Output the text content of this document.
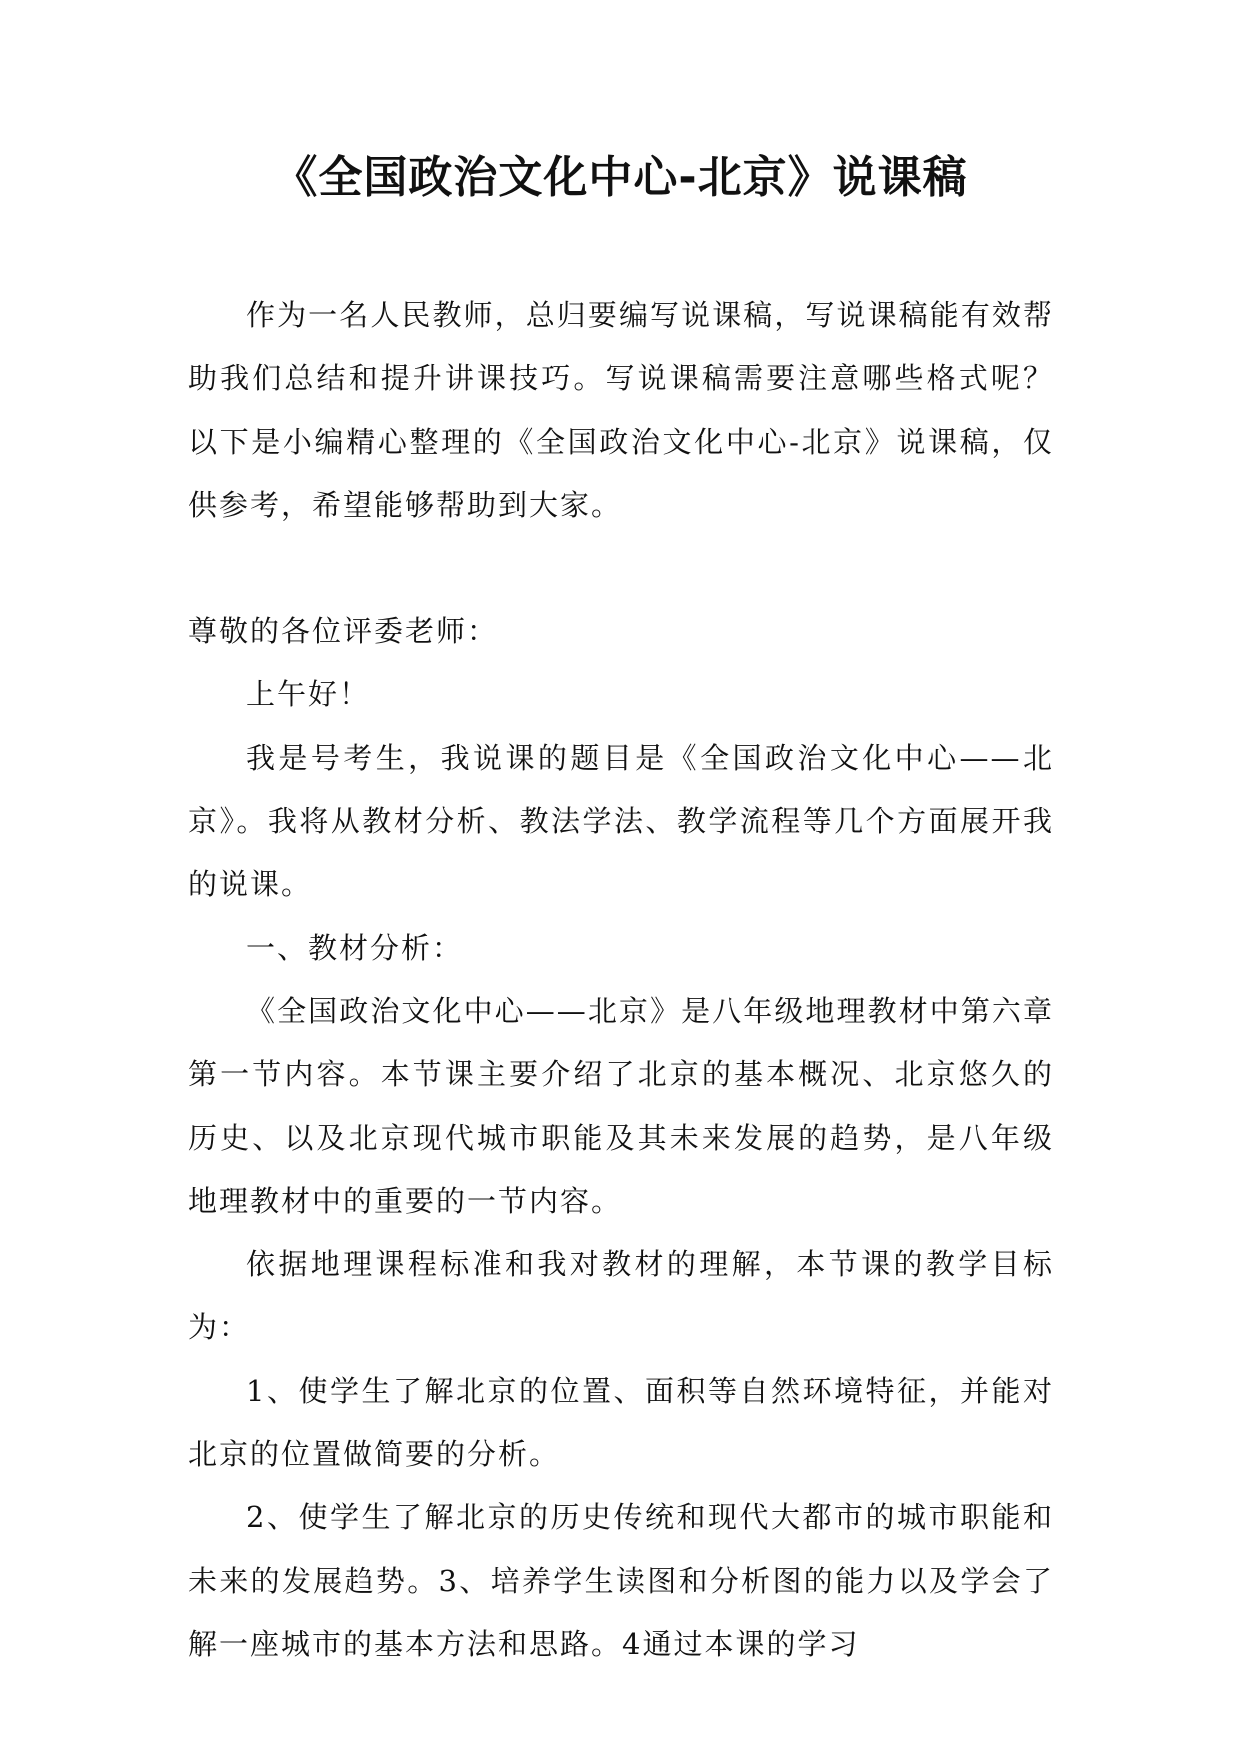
《全国政治文化中心-北京》说课稿

作为一名人民教师，总归要编写说课稿，写说课稿能有效帮助我们总结和提升讲课技巧。写说课稿需要注意哪些格式呢？以下是小编精心整理的《全国政治文化中心-北京》说课稿，仅供参考，希望能够帮助到大家。

尊敬的各位评委老师：

上午好！

我是号考生，我说课的题目是《全国政治文化中心——北京》。我将从教材分析、教法学法、教学流程等几个方面展开我的说课。

一、教材分析：

《全国政治文化中心——北京》是八年级地理教材中第六章第一节内容。本节课主要介绍了北京的基本概况、北京悠久的历史、以及北京现代城市职能及其未来发展的趋势，是八年级地理教材中的重要的一节内容。

依据地理课程标准和我对教材的理解，本节课的教学目标为：

1、使学生了解北京的位置、面积等自然环境特征，并能对北京的位置做简要的分析。

2、使学生了解北京的历史传统和现代大都市的城市职能和未来的发展趋势。3、培养学生读图和分析图的能力以及学会了解一座城市的基本方法和思路。4通过本课的学习
